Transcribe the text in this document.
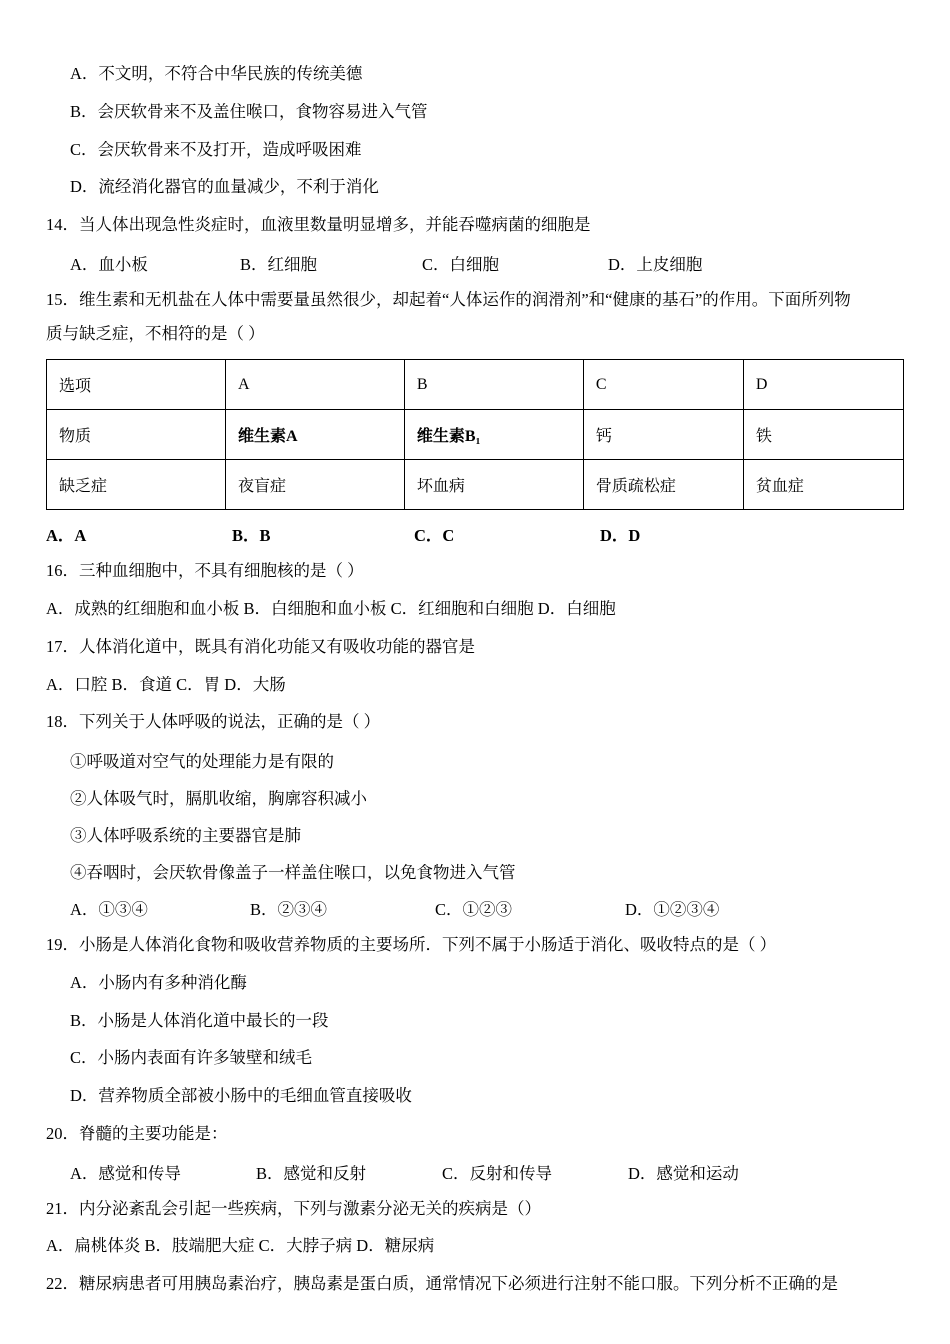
A．不文明，不符合中华民族的传统美德

B．会厌软骨来不及盖住喉口，食物容易进入气管

C．会厌软骨来不及打开，造成呼吸困难

D．流经消化器官的血量减少，不利于消化

14．当人体出现急性炎症时，血液里数量明显增多，并能吞噬病菌的细胞是

A．血小板	B．红细胞	C．白细胞	D．上皮细胞

15．维生素和无机盐在人体中需要量虽然很少，却起着“人体运作的润滑剂”和“健康的基石”的作用。下面所列物

质与缺乏症，不相符的是（ ）

选项	A	B	C	D
物质	维生素A	维生素B₁	钙	铁
缺乏症	夜盲症	坏血病	骨质疏松症	贫血症
A．A	B．B	C．C	D．D

16．三种血细胞中，不具有细胞核的是（ ）

A．成熟的红细胞和血小板 B．白细胞和血小板 C．红细胞和白细胞 D．白细胞

17．人体消化道中，既具有消化功能又有吸收功能的器官是

A．口腔 B．食道 C．胃 D．大肠

18．下列关于人体呼吸的说法，正确的是（ ）

①呼吸道对空气的处理能力是有限的

②人体吸气时，膈肌收缩，胸廓容积减小

③人体呼吸系统的主要器官是肺

④吞咽时，会厌软骨像盖子一样盖住喉口，以免食物进入气管

A．①③④	B．②③④	C．①②③	D．①②③④

19．小肠是人体消化食物和吸收营养物质的主要场所．下列不属于小肠适于消化、吸收特点的是（ ）

A．小肠内有多种消化酶

B．小肠是人体消化道中最长的一段

C．小肠内表面有许多皱壁和绒毛

D．营养物质全部被小肠中的毛细血管直接吸收

20．脊髓的主要功能是：

A．感觉和传导	B．感觉和反射	C．反射和传导	D．感觉和运动

21．内分泌紊乱会引起一些疾病，下列与激素分泌无关的疾病是（）

A．扁桃体炎 B．肢端肥大症 C．大脖子病 D．糖尿病

22．糖尿病患者可用胰岛素治疗，胰岛素是蛋白质，通常情况下必须进行注射不能口服。下列分析不正确的是
